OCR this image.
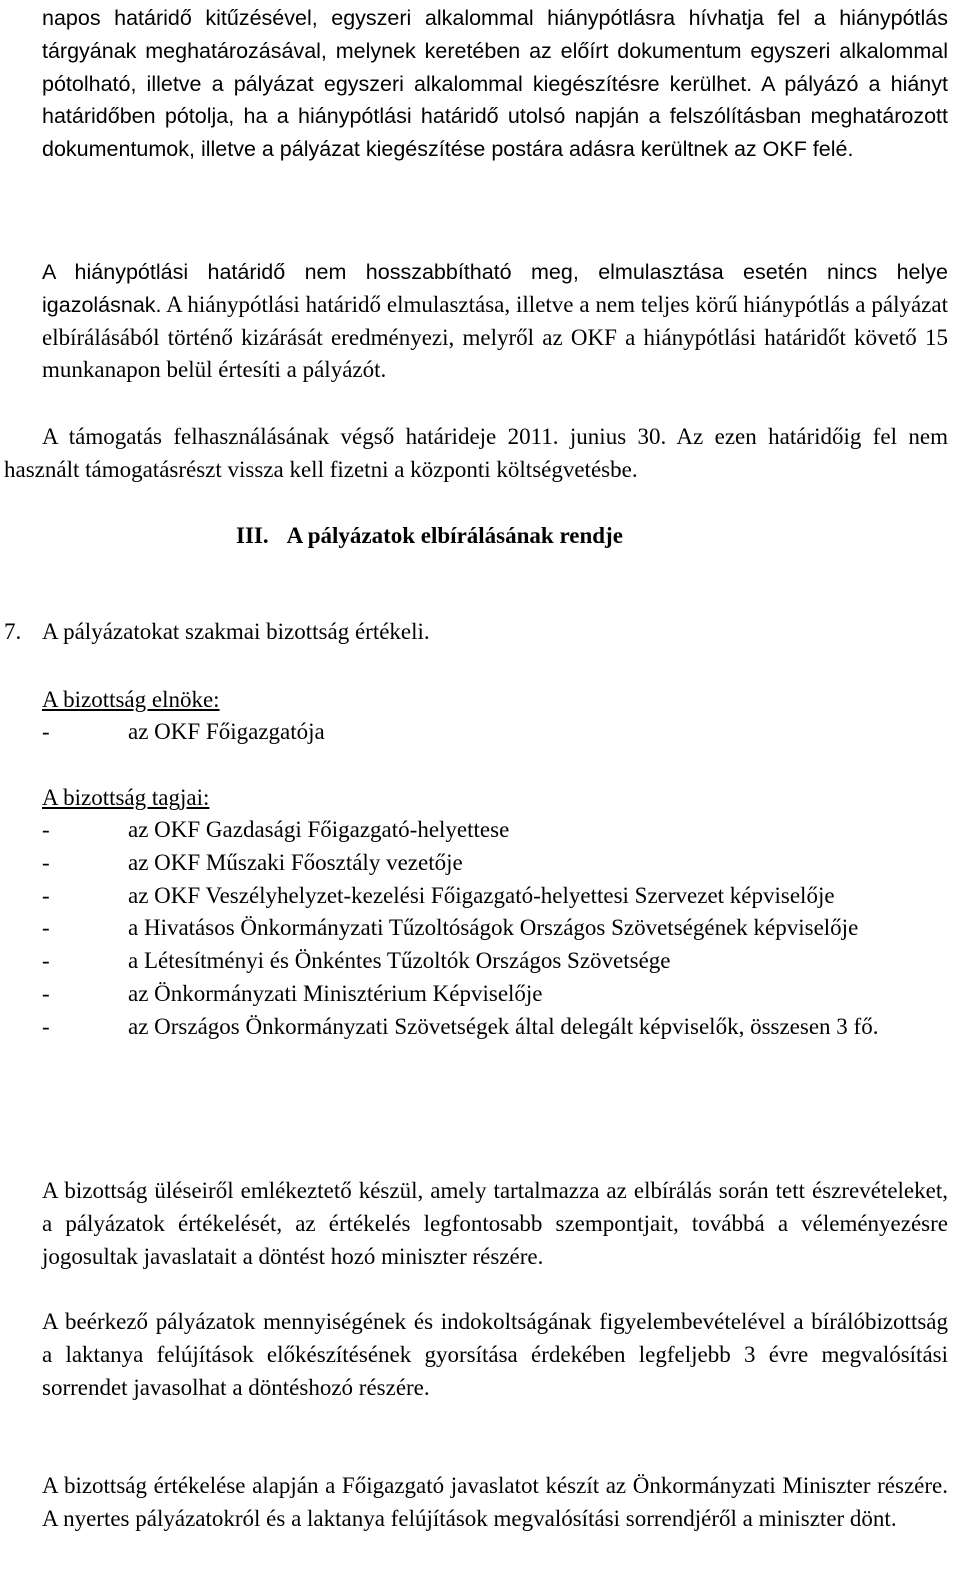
napos határidő kitűzésével, egyszeri alkalommal hiánypótlásra hívhatja fel a hiánypótlás tárgyának meghatározásával, melynek keretében az előírt dokumentum egyszeri alkalommal pótolható, illetve a pályázat egyszeri alkalommal kiegészítésre kerülhet. A pályázó a hiányt határidőben pótolja, ha a hiánypótlási határidő utolsó napján a felszólításban meghatározott dokumentumok, illetve a pályázat kiegészítése postára adásra kerültnek az OKF felé.

A hiánypótlási határidő nem hosszabbítható meg, elmulasztása esetén nincs helye igazolásnak. A hiánypótlási határidő elmulasztása, illetve a nem teljes körű hiánypótlás a pályázat elbírálásából történő kizárását eredményezi, melyről az OKF a hiánypótlási határidőt követő 15 munkanapon belül értesíti a pályázót.

A támogatás felhasználásának végső határideje 2011. junius 30. Az ezen határidőig fel nem használt támogatásrészt vissza kell fizetni a központi költségvetésbe.

III. A pályázatok elbírálásának rendje

7. A pályázatokat szakmai bizottság értékeli.

A bizottság elnöke:

-	az OKF Főigazgatója

A bizottság tagjai:

-	az OKF Gazdasági Főigazgató-helyettese
-	az OKF Műszaki Főosztály vezetője
-	az OKF Veszélyhelyzet-kezelési Főigazgató-helyettesi Szervezet képviselője
-	a Hivatásos Önkormányzati Tűzoltóságok Országos Szövetségének képviselője
-	a Létesítményi és Önkéntes Tűzoltók Országos Szövetsége
-	az Önkormányzati Minisztérium Képviselője
-	az Országos Önkormányzati Szövetségek által delegált képviselők, összesen 3 fő.

A bizottság üléseiről emlékeztető készül, amely tartalmazza az elbírálás során tett észrevételeket, a pályázatok értékelését, az értékelés legfontosabb szempontjait, továbbá a véleményezésre jogosultak javaslatait a döntést hozó miniszter részére.

A beérkező pályázatok mennyiségének és indokoltságának figyelembevételével a bírálóbizottság a laktanya felújítások előkészítésének gyorsítása érdekében legfeljebb 3 évre megvalósítási sorrendet javasolhat a döntéshozó részére.

A bizottság értékelése alapján a Főigazgató javaslatot készít az Önkormányzati Miniszter részére. A nyertes pályázatokról és a laktanya felújítások megvalósítási sorrendjéről a miniszter dönt.
